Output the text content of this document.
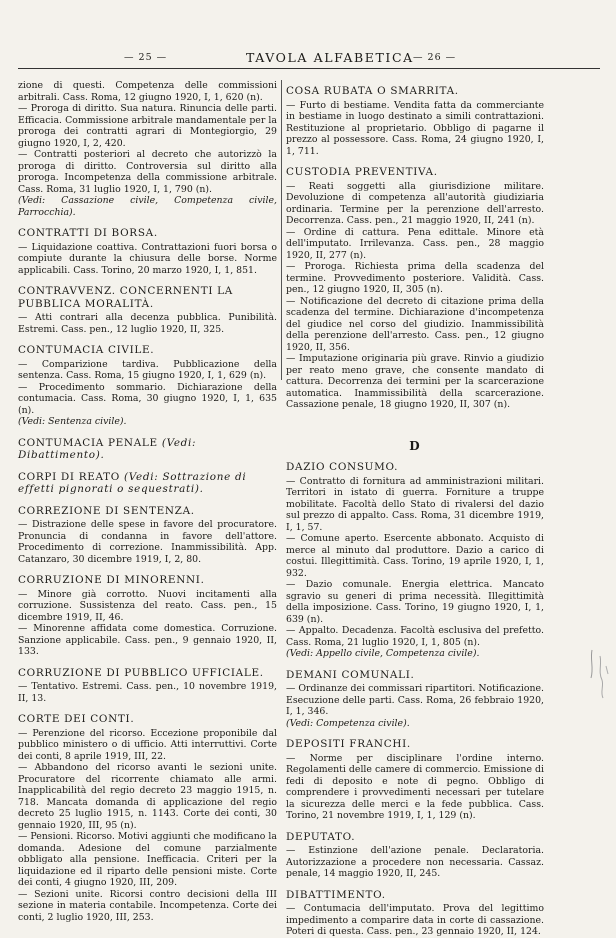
— 25 —	TAVOLA ALFABETICA — 26 —

zione di questi. Competenza delle commissioni arbitrali. Cass. Roma, 12 giugno 1920, I, 1, 620 (n).

— Proroga di diritto. Sua natura. Rinuncia delle parti. Efficacia. Commissione arbitrale mandamentale per la proroga dei contratti agrari di Montegiorgio, 29 giugno 1920, I, 2, 420.

— Contratti posteriori al decreto che autorizzò la proroga di diritto. Controversia sul diritto alla proroga. Incompetenza della commissione arbitrale. Cass. Roma, 31 luglio 1920, I, 1, 790 (n).

(Vedi: Cassazione civile, Competenza civile, Parrocchia).

CONTRATTI DI BORSA.

— Liquidazione coattiva. Contrattazioni fuori borsa o compiute durante la chiusura delle borse. Norme applicabili. Cass. Torino, 20 marzo 1920, I, 1, 851.

CONTRAVVENZ. CONCERNENTI LA PUBBLICA MORALITÀ.

— Atti contrari alla decenza pubblica. Punibilità. Estremi. Cass. pen., 12 luglio 1920, II, 325.

CONTUMACIA CIVILE.

— Comparizione tardiva. Pubblicazione della sentenza. Cass. Roma, 15 giugno 1920, I, 1, 629 (n).

— Procedimento sommario. Dichiarazione della contumacia. Cass. Roma, 30 giugno 1920, I, 1, 635 (n).

(Vedi: Sentenza civile).

CONTUMACIA PENALE (Vedi: Dibattimento).
CORPI DI REATO (Vedi: Sottrazione di effetti pignorati o sequestrati).
CORREZIONE DI SENTENZA.

— Distrazione delle spese in favore del procuratore. Pronuncia di condanna in favore dell'attore. Procedimento di correzione. Inammissibilità. App. Catanzaro, 30 dicembre 1919, I, 2, 80.

CORRUZIONE DI MINORENNI.

— Minore già corrotto. Nuovi incitamenti alla corruzione. Sussistenza del reato. Cass. pen., 15 dicembre 1919, II, 46.

— Minorenne affidata come domestica. Corruzione. Sanzione applicabile. Cass. pen., 9 gennaio 1920, II, 133.

CORRUZIONE DI PUBBLICO UFFICIALE.

— Tentativo. Estremi. Cass. pen., 10 novembre 1919, II, 13.

CORTE DEI CONTI.

— Perenzione del ricorso. Eccezione proponibile dal pubblico ministero o di ufficio. Atti interruttivi. Corte dei conti, 8 aprile 1919, III, 22.

— Abbandono del ricorso avanti le sezioni unite. Procuratore del ricorrente chiamato alle armi. Inapplicabilità del regio decreto 23 maggio 1915, n. 718. Mancata domanda di applicazione del regio decreto 25 luglio 1915, n. 1143. Corte dei conti, 30 gennaio 1920, III, 95 (n).

— Pensioni. Ricorso. Motivi aggiunti che modificano la domanda. Adesione del comune parzialmente obbligato alla pensione. Inefficacia. Criteri per la liquidazione ed il riparto delle pensioni miste. Corte dei conti, 4 giugno 1920, III, 209.

— Sezioni unite. Ricorsi contro decisioni della III sezione in materia contabile. Incompetenza. Corte dei conti, 2 luglio 1920, III, 253.

COSA RUBATA O SMARRITA.

— Furto di bestiame. Vendita fatta da commerciante in bestiame in luogo destinato a simili contrattazioni. Restituzione al proprietario. Obbligo di pagarne il prezzo al possessore. Cass. Roma, 24 giugno 1920, I, 1, 711.

CUSTODIA PREVENTIVA.

— Reati soggetti alla giurisdizione militare. Devoluzione di competenza all'autorità giudiziaria ordinaria. Termine per la perenzione dell'arresto. Decorrenza. Cass. pen., 21 maggio 1920, II, 241 (n).

— Ordine di cattura. Pena edittale. Minore età dell'imputato. Irrilevanza. Cass. pen., 28 maggio 1920, II, 277 (n).

— Proroga. Richiesta prima della scadenza del termine. Provvedimento posteriore. Validità. Cass. pen., 12 giugno 1920, II, 305 (n).

— Notificazione del decreto di citazione prima della scadenza del termine. Dichiarazione d'incompetenza del giudice nel corso del giudizio. Inammissibilità della perenzione dell'arresto. Cass. pen., 12 giugno 1920, II, 356.

— Imputazione originaria più grave. Rinvio a giudizio per reato meno grave, che consente mandato di cattura. Decorrenza dei termini per la scarcerazione automatica. Inammissibilità della scarcerazione. Cassazione penale, 18 giugno 1920, II, 307 (n).

D
DAZIO CONSUMO.

— Contratto di fornitura ad amministrazioni militari. Territori in istato di guerra. Forniture a truppe mobilitate. Facoltà dello Stato di rivalersi del dazio sul prezzo di appalto. Cass. Roma, 31 dicembre 1919, I, 1, 57.

— Comune aperto. Esercente abbonato. Acquisto di merce al minuto dal produttore. Dazio a carico di costui. Illegittimità. Cass. Torino, 19 aprile 1920, I, 1, 932.

— Dazio comunale. Energia elettrica. Mancato sgravio su generi di prima necessità. Illegittimità della imposizione. Cass. Torino, 19 giugno 1920, I, 1, 639 (n).

— Appalto. Decadenza. Facoltà esclusiva del prefetto. Cass. Roma, 21 luglio 1920, I, 1, 805 (n).

(Vedi: Appello civile, Competenza civile).

DEMANI COMUNALI.

— Ordinanze dei commissari ripartitori. Notificazione. Esecuzione delle parti. Cass. Roma, 26 febbraio 1920, I, 1, 346.

(Vedi: Competenza civile).

DEPOSITI FRANCHI.

— Norme per disciplinare l'ordine interno. Regolamenti delle camere di commercio. Emissione di fedi di deposito e note di pegno. Obbligo di comprendere i provvedimenti necessari per tutelare la sicurezza delle merci e la fede pubblica. Cass. Torino, 21 novembre 1919, I, 1, 129 (n).

DEPUTATO.

— Estinzione dell'azione penale. Declaratoria. Autorizzazione a procedere non necessaria. Cassaz. penale, 14 maggio 1920, II, 245.

DIBATTIMENTO.

— Contumacia dell'imputato. Prova del legittimo impedimento a comparire data in corte di cassazione. Poteri di questa. Cass. pen., 23 gennaio 1920, II, 124.
